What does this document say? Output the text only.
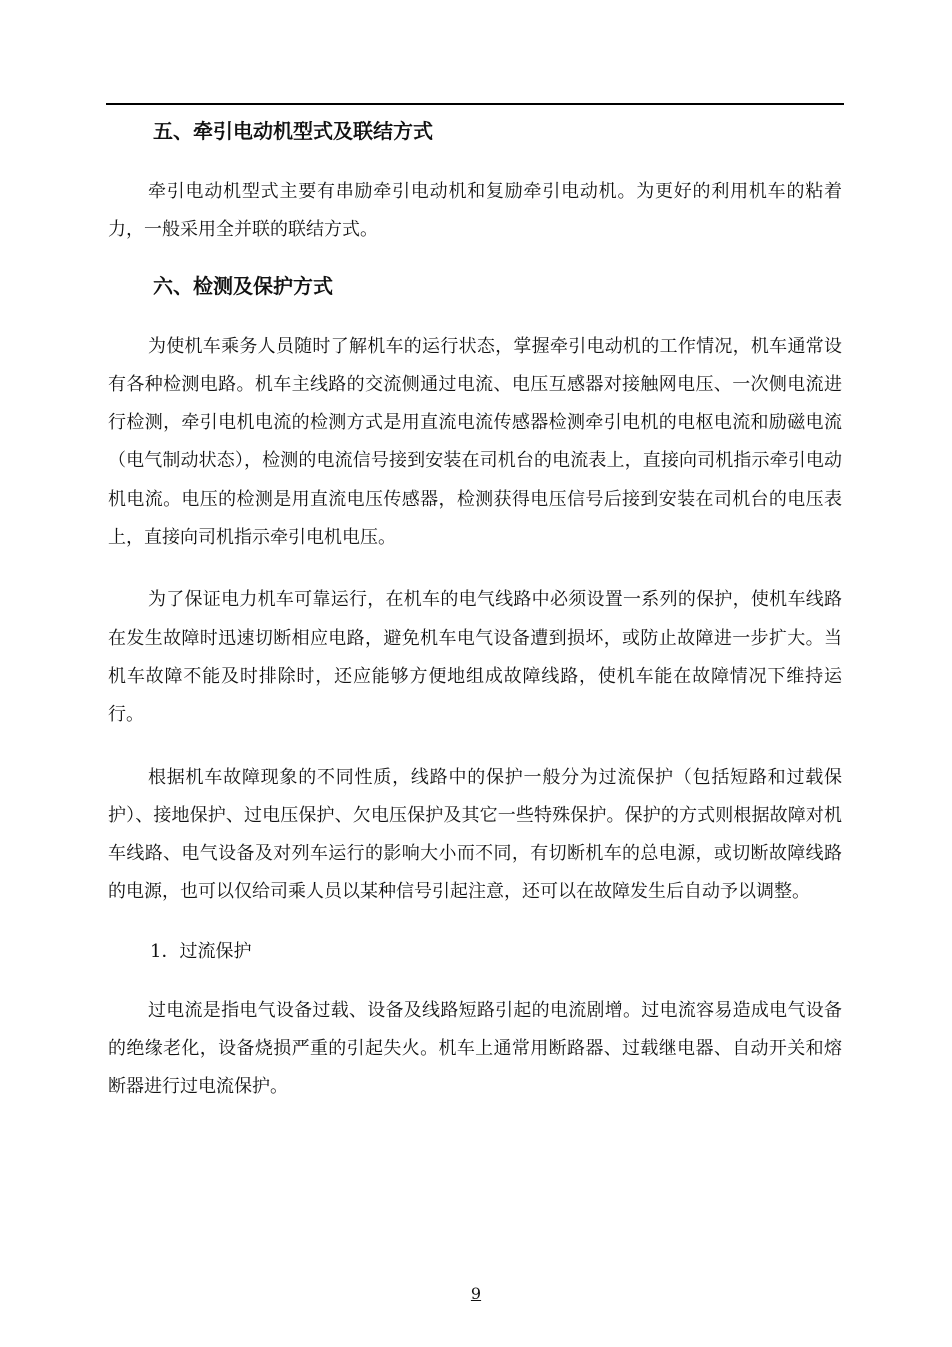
五、牵引电动机型式及联结方式

牵引电动机型式主要有串励牵引电动机和复励牵引电动机。为更好的利用机车的粘着力，一般采用全并联的联结方式。

六、检测及保护方式

为使机车乘务人员随时了解机车的运行状态，掌握牵引电动机的工作情况，机车通常设有各种检测电路。机车主线路的交流侧通过电流、电压互感器对接触网电压、一次侧电流进行检测，牵引电机电流的检测方式是用直流电流传感器检测牵引电机的电枢电流和励磁电流（电气制动状态），检测的电流信号接到安装在司机台的电流表上，直接向司机指示牵引电动机电流。电压的检测是用直流电压传感器，检测获得电压信号后接到安装在司机台的电压表上，直接向司机指示牵引电机电压。

为了保证电力机车可靠运行，在机车的电气线路中必须设置一系列的保护，使机车线路在发生故障时迅速切断相应电路，避免机车电气设备遭到损坏，或防止故障进一步扩大。当机车故障不能及时排除时，还应能够方便地组成故障线路，使机车能在故障情况下维持运行。

根据机车故障现象的不同性质，线路中的保护一般分为过流保护（包括短路和过载保护）、接地保护、过电压保护、欠电压保护及其它一些特殊保护。保护的方式则根据故障对机车线路、电气设备及对列车运行的影响大小而不同，有切断机车的总电源，或切断故障线路的电源，也可以仅给司乘人员以某种信号引起注意，还可以在故障发生后自动予以调整。

1．过流保护

过电流是指电气设备过载、设备及线路短路引起的电流剧增。过电流容易造成电气设备的绝缘老化，设备烧损严重的引起失火。机车上通常用断路器、过载继电器、自动开关和熔断器进行过电流保护。

9
